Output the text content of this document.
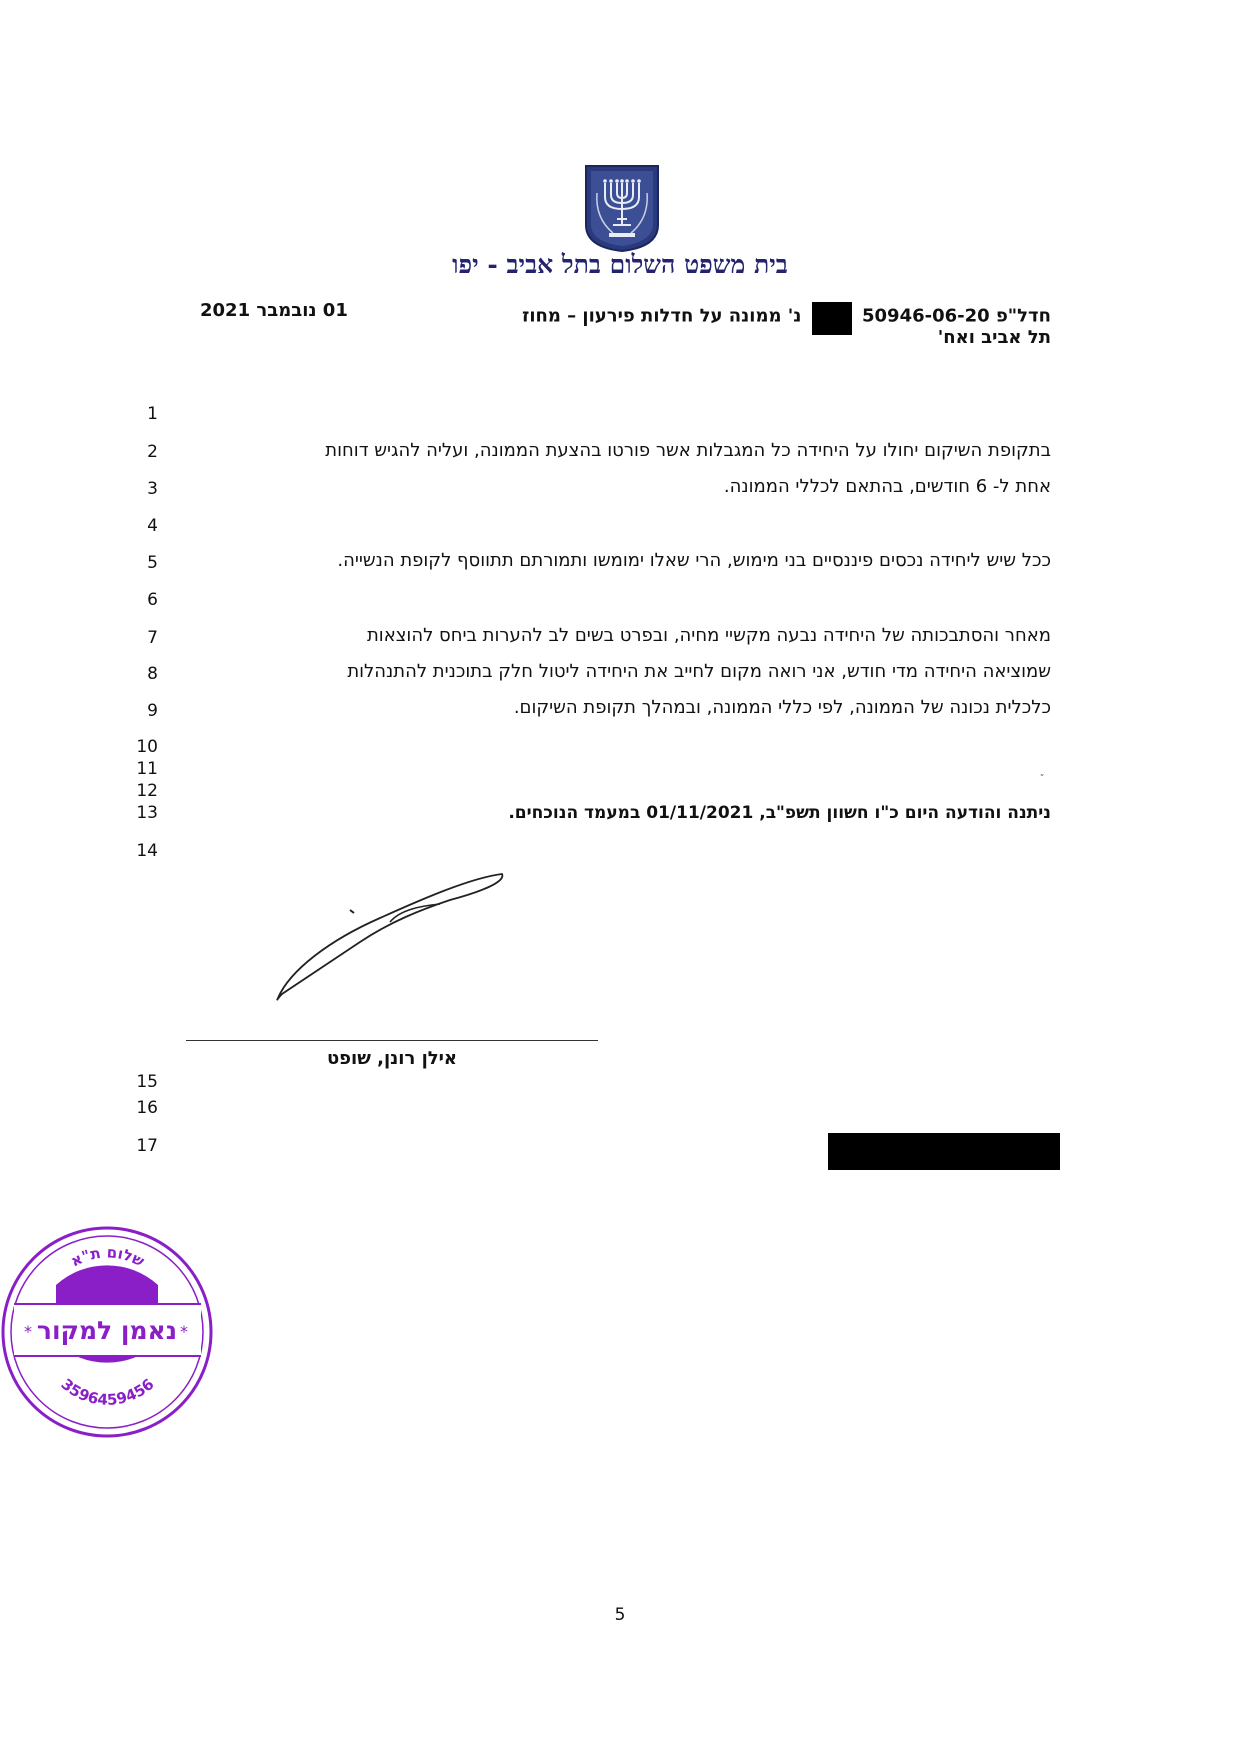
בית משפט השלום בתל אביב - יפו
חדל"פ 50946-06-20  נ' ממונה על חדלות פירעון – מחוז
תל אביב ואח'
01 נובמבר 2021
1
2
3
4
5
6
7
8
9
10
11
12
13
14
15
16
17
בתקופת השיקום יחולו על היחידה כל המגבלות אשר פורטו בהצעת הממונה, ועליה להגיש דוחות
אחת ל- 6 חודשים, בהתאם לכללי הממונה.
ככל שיש ליחידה נכסים פיננסיים בני מימוש, הרי שאלו ימומשו ותמורתם תתווסף לקופת הנשייה.
מאחר והסתבכותה של היחידה נבעה מקשיי מחיה, ובפרט בשים לב להערות ביחס להוצאות
שמוציאה היחידה מדי חודש, אני רואה מקום לחייב את היחידה ליטול חלק בתוכנית להתנהלות
כלכלית נכונה של הממונה, לפי כללי הממונה, ובמהלך תקופת השיקום.
„
ניתנה והודעה היום כ"ו חשוון תשפ"ב, 01/11/2021 במעמד הנוכחים.
אילן רונן, שופט
שלום ת"א
נאמן למקור
*	*
3596459456
5
